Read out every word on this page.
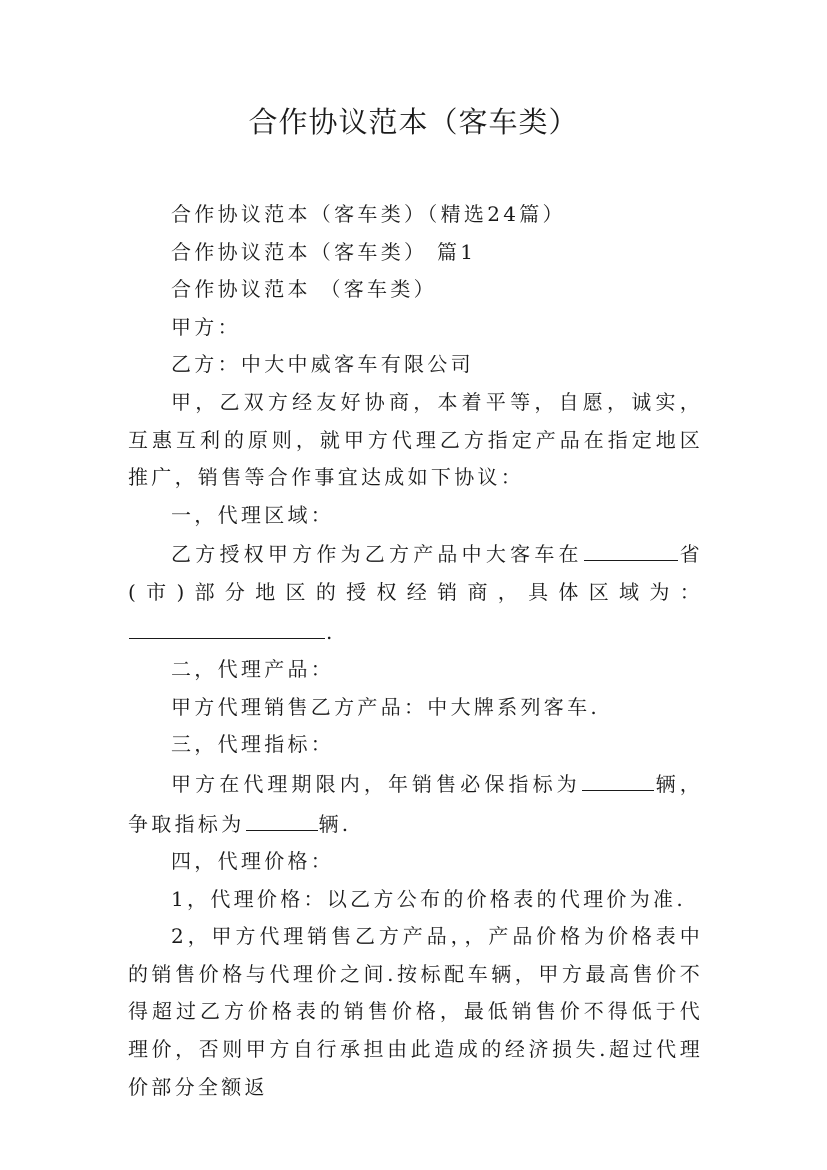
合作协议范本（客车类）

合作协议范本（客车类）（精选24篇）

合作协议范本（客车类） 篇1

合作协议范本 （客车类）

甲方：

乙方：中大中威客车有限公司

甲，乙双方经友好协商，本着平等，自愿，诚实，互惠互利的原则，就甲方代理乙方指定产品在指定地区推广，销售等合作事宜达成如下协议：

一，代理区域：

乙方授权甲方作为乙方产品中大客车在	省(市)部分地区的授权经销商，具体区域为：.

二，代理产品：

甲方代理销售乙方产品：中大牌系列客车.

三，代理指标：

甲方在代理期限内，年销售必保指标为	辆，争取指标为	辆.

四，代理价格：

1，代理价格：以乙方公布的价格表的代理价为准.

2，甲方代理销售乙方产品，，产品价格为价格表中的销售价格与代理价之间.按标配车辆，甲方最高售价不得超过乙方价格表的销售价格，最低销售价不得低于代理价，否则甲方自行承担由此造成的经济损失.超过代理价部分全额返
